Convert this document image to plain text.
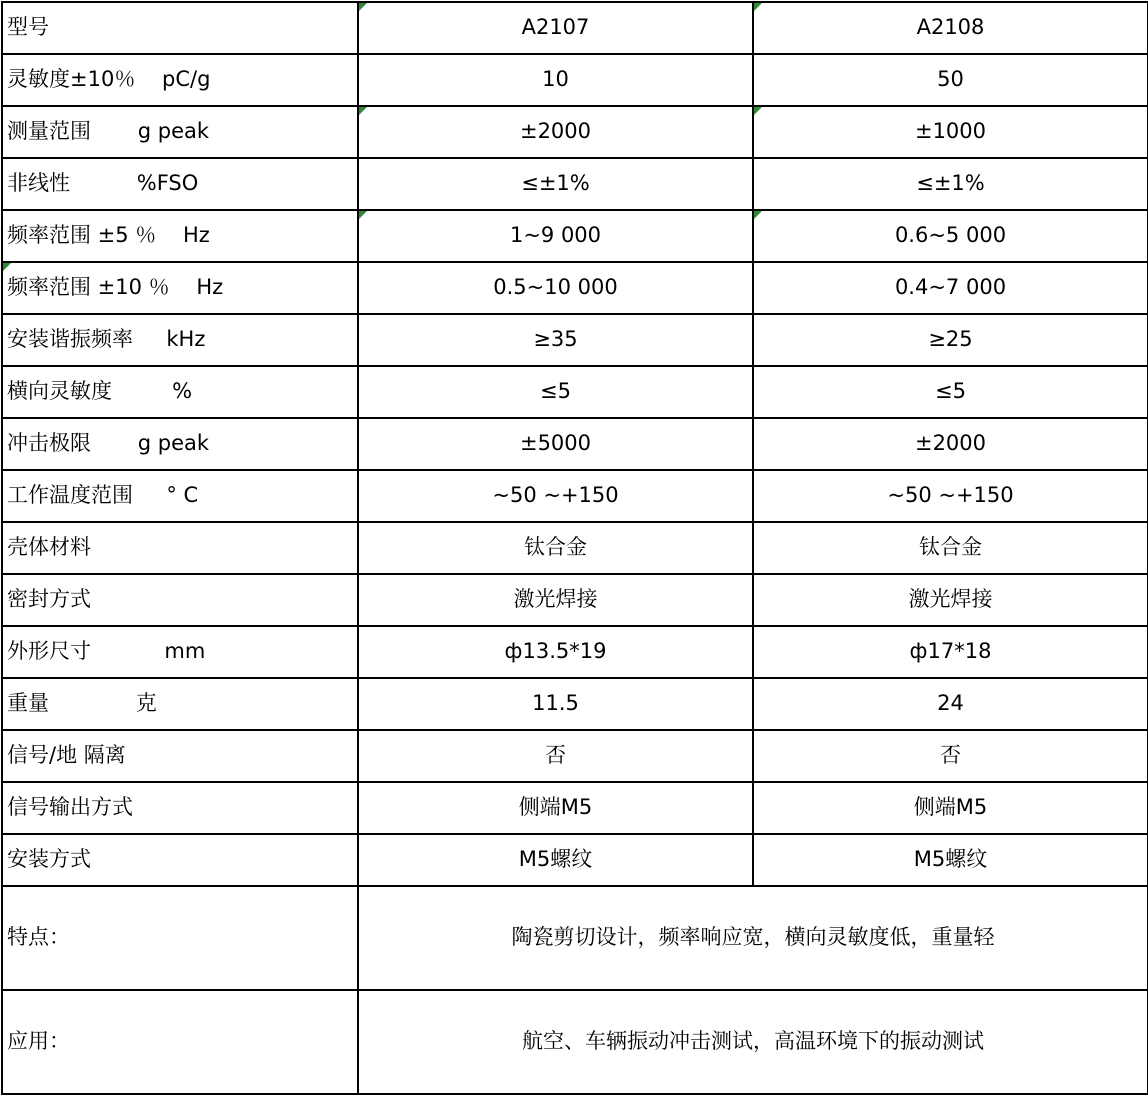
型号	A2107	A2108
灵敏度±10％    pC/g	10	50
测量范围       g peak	±2000	±1000
非线性          %FSO	≤±1%	≤±1%
频率范围 ±5 ％    Hz	1~9 000	0.6~5 000

频率范围 ±10 ％    Hz	0.5~10 000	0.4~7 000
安装谐振频率     kHz	≥35	≥25
横向灵敏度         %	≤5	≤5
冲击极限       g peak	±5000	±2000
工作温度范围     ° C	~50 ~+150	~50 ~+150
壳体材料	钛合金	钛合金
密封方式	激光焊接	激光焊接
外形尺寸           mm	ф13.5*19	ф17*18
重量             克	11.5	24
信号/地 隔离	否	否
信号输出方式	侧端M5	侧端M5
安装方式	M5螺纹	M5螺纹
特点：	陶瓷剪切设计，频率响应宽，横向灵敏度低，重量轻	
应用：	航空、车辆振动冲击测试，高温环境下的振动测试	
